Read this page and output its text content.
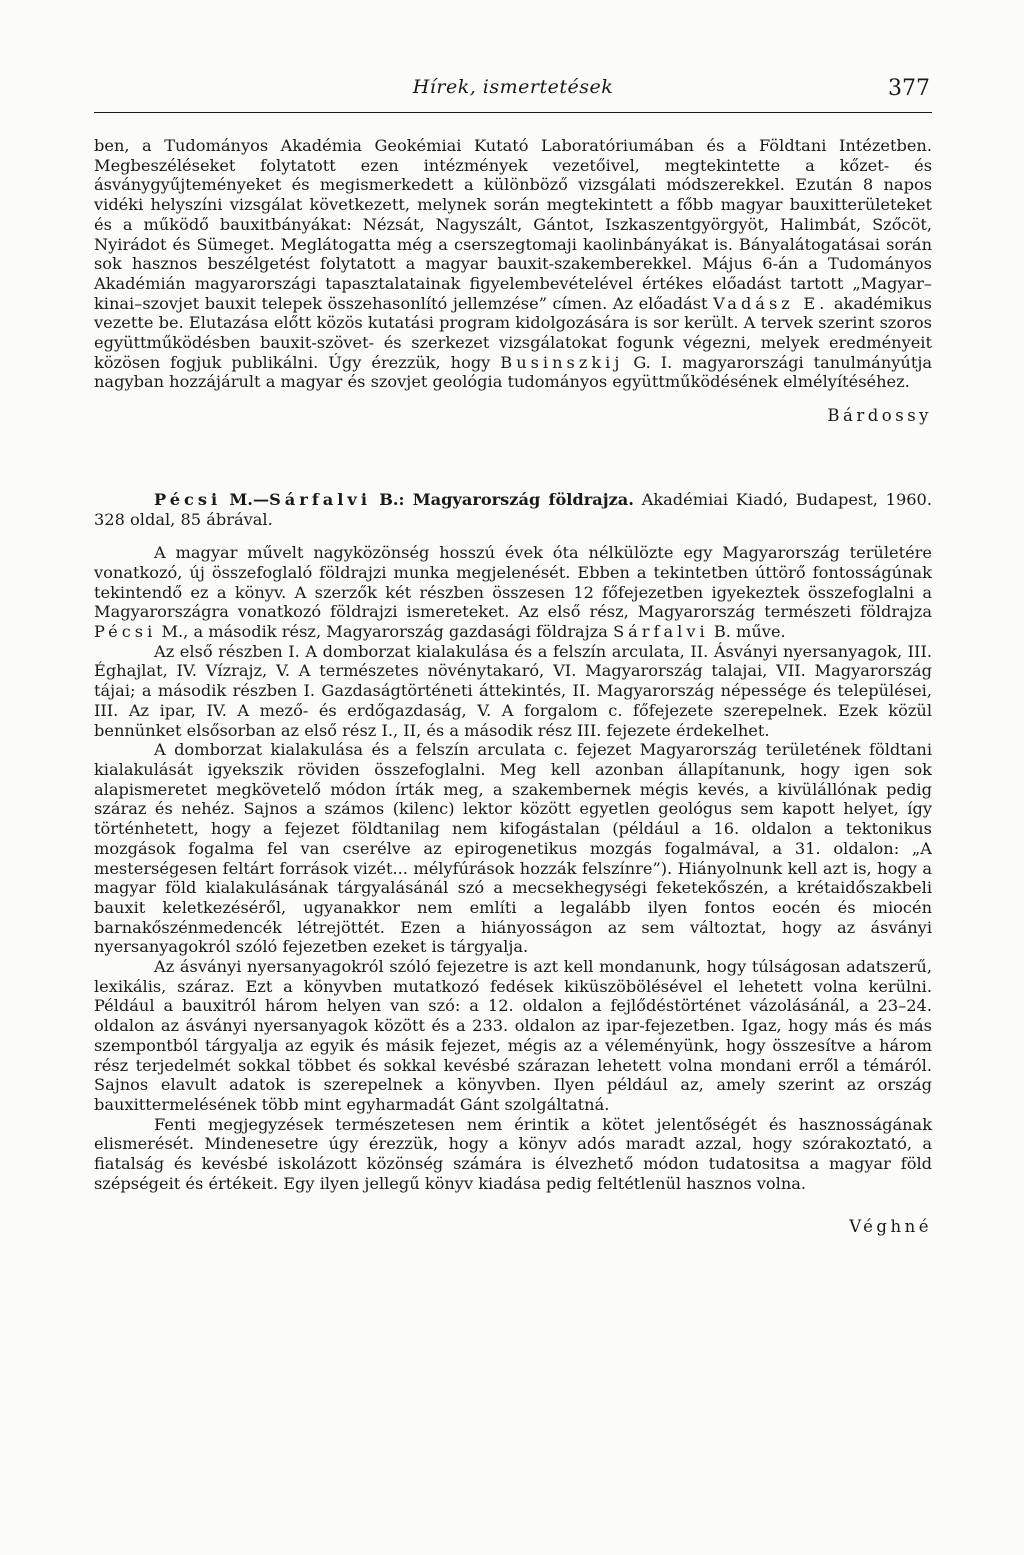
Hírek, ismertetések	377

ben, a Tudományos Akadémia Geokémiai Kutató Laboratóriumában és a Földtani Intézetben. Megbeszéléseket folytatott ezen intézmények vezetőivel, megtekintette a kőzet- és ásványgyűjteményeket és megismerkedett a különböző vizsgálati módszerekkel. Ezután 8 napos vidéki helyszíni vizsgálat következett, melynek során megtekintett a főbb magyar bauxitterületeket és a működő bauxitbányákat: Nézsát, Nagyszált, Gántot, Iszkaszentgyörgyöt, Halimbát, Szőcöt, Nyirádot és Sümeget. Meglátogatta még a cserszegtomaji kaolinbányákat is. Bányalátogatásai során sok hasznos beszélgetést folytatott a magyar bauxit-szakemberekkel. Május 6-án a Tudományos Akadémián magyarországi tapasztalatainak figyelembevételével értékes előadást tartott „Magyar–kinai–szovjet bauxit telepek összehasonlító jellemzése” címen. Az előadást Vadász E. akadémikus vezette be. Elutazása előtt közös kutatási program kidolgozására is sor került. A tervek szerint szoros együttműködésben bauxit-szövet- és szerkezet vizsgálatokat fogunk végezni, melyek eredményeit közösen fogjuk publikálni. Úgy érezzük, hogy Businszkij G. I. magyarországi tanulmányútja nagyban hozzájárult a magyar és szovjet geológia tudományos együttműködésének elmélyítéséhez.

Bárdossy

Pécsi M.—Sárfalvi B.: Magyarország földrajza. Akadémiai Kiadó, Budapest, 1960. 328 oldal, 85 ábrával.

A magyar művelt nagyközönség hosszú évek óta nélkülözte egy Magyarország területére vonatkozó, új összefoglaló földrajzi munka megjelenését. Ebben a tekintetben úttörő fontosságúnak tekintendő ez a könyv. A szerzők két részben összesen 12 főfejezetben igyekeztek összefoglalni a Magyarországra vonatkozó földrajzi ismereteket. Az első rész, Magyarország természeti földrajza Pécsi M., a második rész, Magyarország gazdasági földrajza Sárfalvi B. műve.

Az első részben I. A domborzat kialakulása és a felszín arculata, II. Ásványi nyersanyagok, III. Éghajlat, IV. Vízrajz, V. A természetes növénytakaró, VI. Magyarország talajai, VII. Magyarország tájai; a második részben I. Gazdaságtörténeti áttekintés, II. Magyarország népessége és települései, III. Az ipar, IV. A mező- és erdőgazdaság, V. A forgalom c. főfejezete szerepelnek. Ezek közül bennünket elsősorban az első rész I., II, és a második rész III. fejezete érdekelhet.

A domborzat kialakulása és a felszín arculata c. fejezet Magyarország területének földtani kialakulását igyekszik röviden összefoglalni. Meg kell azonban állapítanunk, hogy igen sok alapismeretet megkövetelő módon írták meg, a szakembernek mégis kevés, a kivülállónak pedig száraz és nehéz. Sajnos a számos (kilenc) lektor között egyetlen geológus sem kapott helyet, így történhetett, hogy a fejezet földtanilag nem kifogástalan (például a 16. oldalon a tektonikus mozgások fogalma fel van cserélve az epirogenetikus mozgás fogalmával, a 31. oldalon: „A mesterségesen feltárt források vizét... mélyfúrások hozzák felszínre”). Hiányolnunk kell azt is, hogy a magyar föld kialakulásának tárgyalásánál szó a mecsekhegységi feketekőszén, a krétaidőszakbeli bauxit keletkezéséről, ugyanakkor nem említi a legalább ilyen fontos eocén és miocén barnakőszénmedencék létrejöttét. Ezen a hiányosságon az sem változtat, hogy az ásványi nyersanyagokról szóló fejezetben ezeket is tárgyalja.

Az ásványi nyersanyagokról szóló fejezetre is azt kell mondanunk, hogy túlságosan adatszerű, lexikális, száraz. Ezt a könyvben mutatkozó fedések kiküszöbölésével el lehetett volna kerülni. Például a bauxitról három helyen van szó: a 12. oldalon a fejlődéstörténet vázolásánál, a 23–24. oldalon az ásványi nyersanyagok között és a 233. oldalon az ipar-fejezetben. Igaz, hogy más és más szempontból tárgyalja az egyik és másik fejezet, mégis az a véleményünk, hogy összesítve a három rész terjedelmét sokkal többet és sokkal kevésbé szárazan lehetett volna mondani erről a témáról. Sajnos elavult adatok is szerepelnek a könyvben. Ilyen például az, amely szerint az ország bauxittermelésének több mint egyharmadát Gánt szolgáltatná.

Fenti megjegyzések természetesen nem érintik a kötet jelentőségét és hasznosságának elismerését. Mindenesetre úgy érezzük, hogy a könyv adós maradt azzal, hogy szórakoztató, a fiatalság és kevésbé iskolázott közönség számára is élvezhető módon tudatositsa a magyar föld szépségeit és értékeit. Egy ilyen jellegű könyv kiadása pedig feltétlenül hasznos volna.

Véghné
